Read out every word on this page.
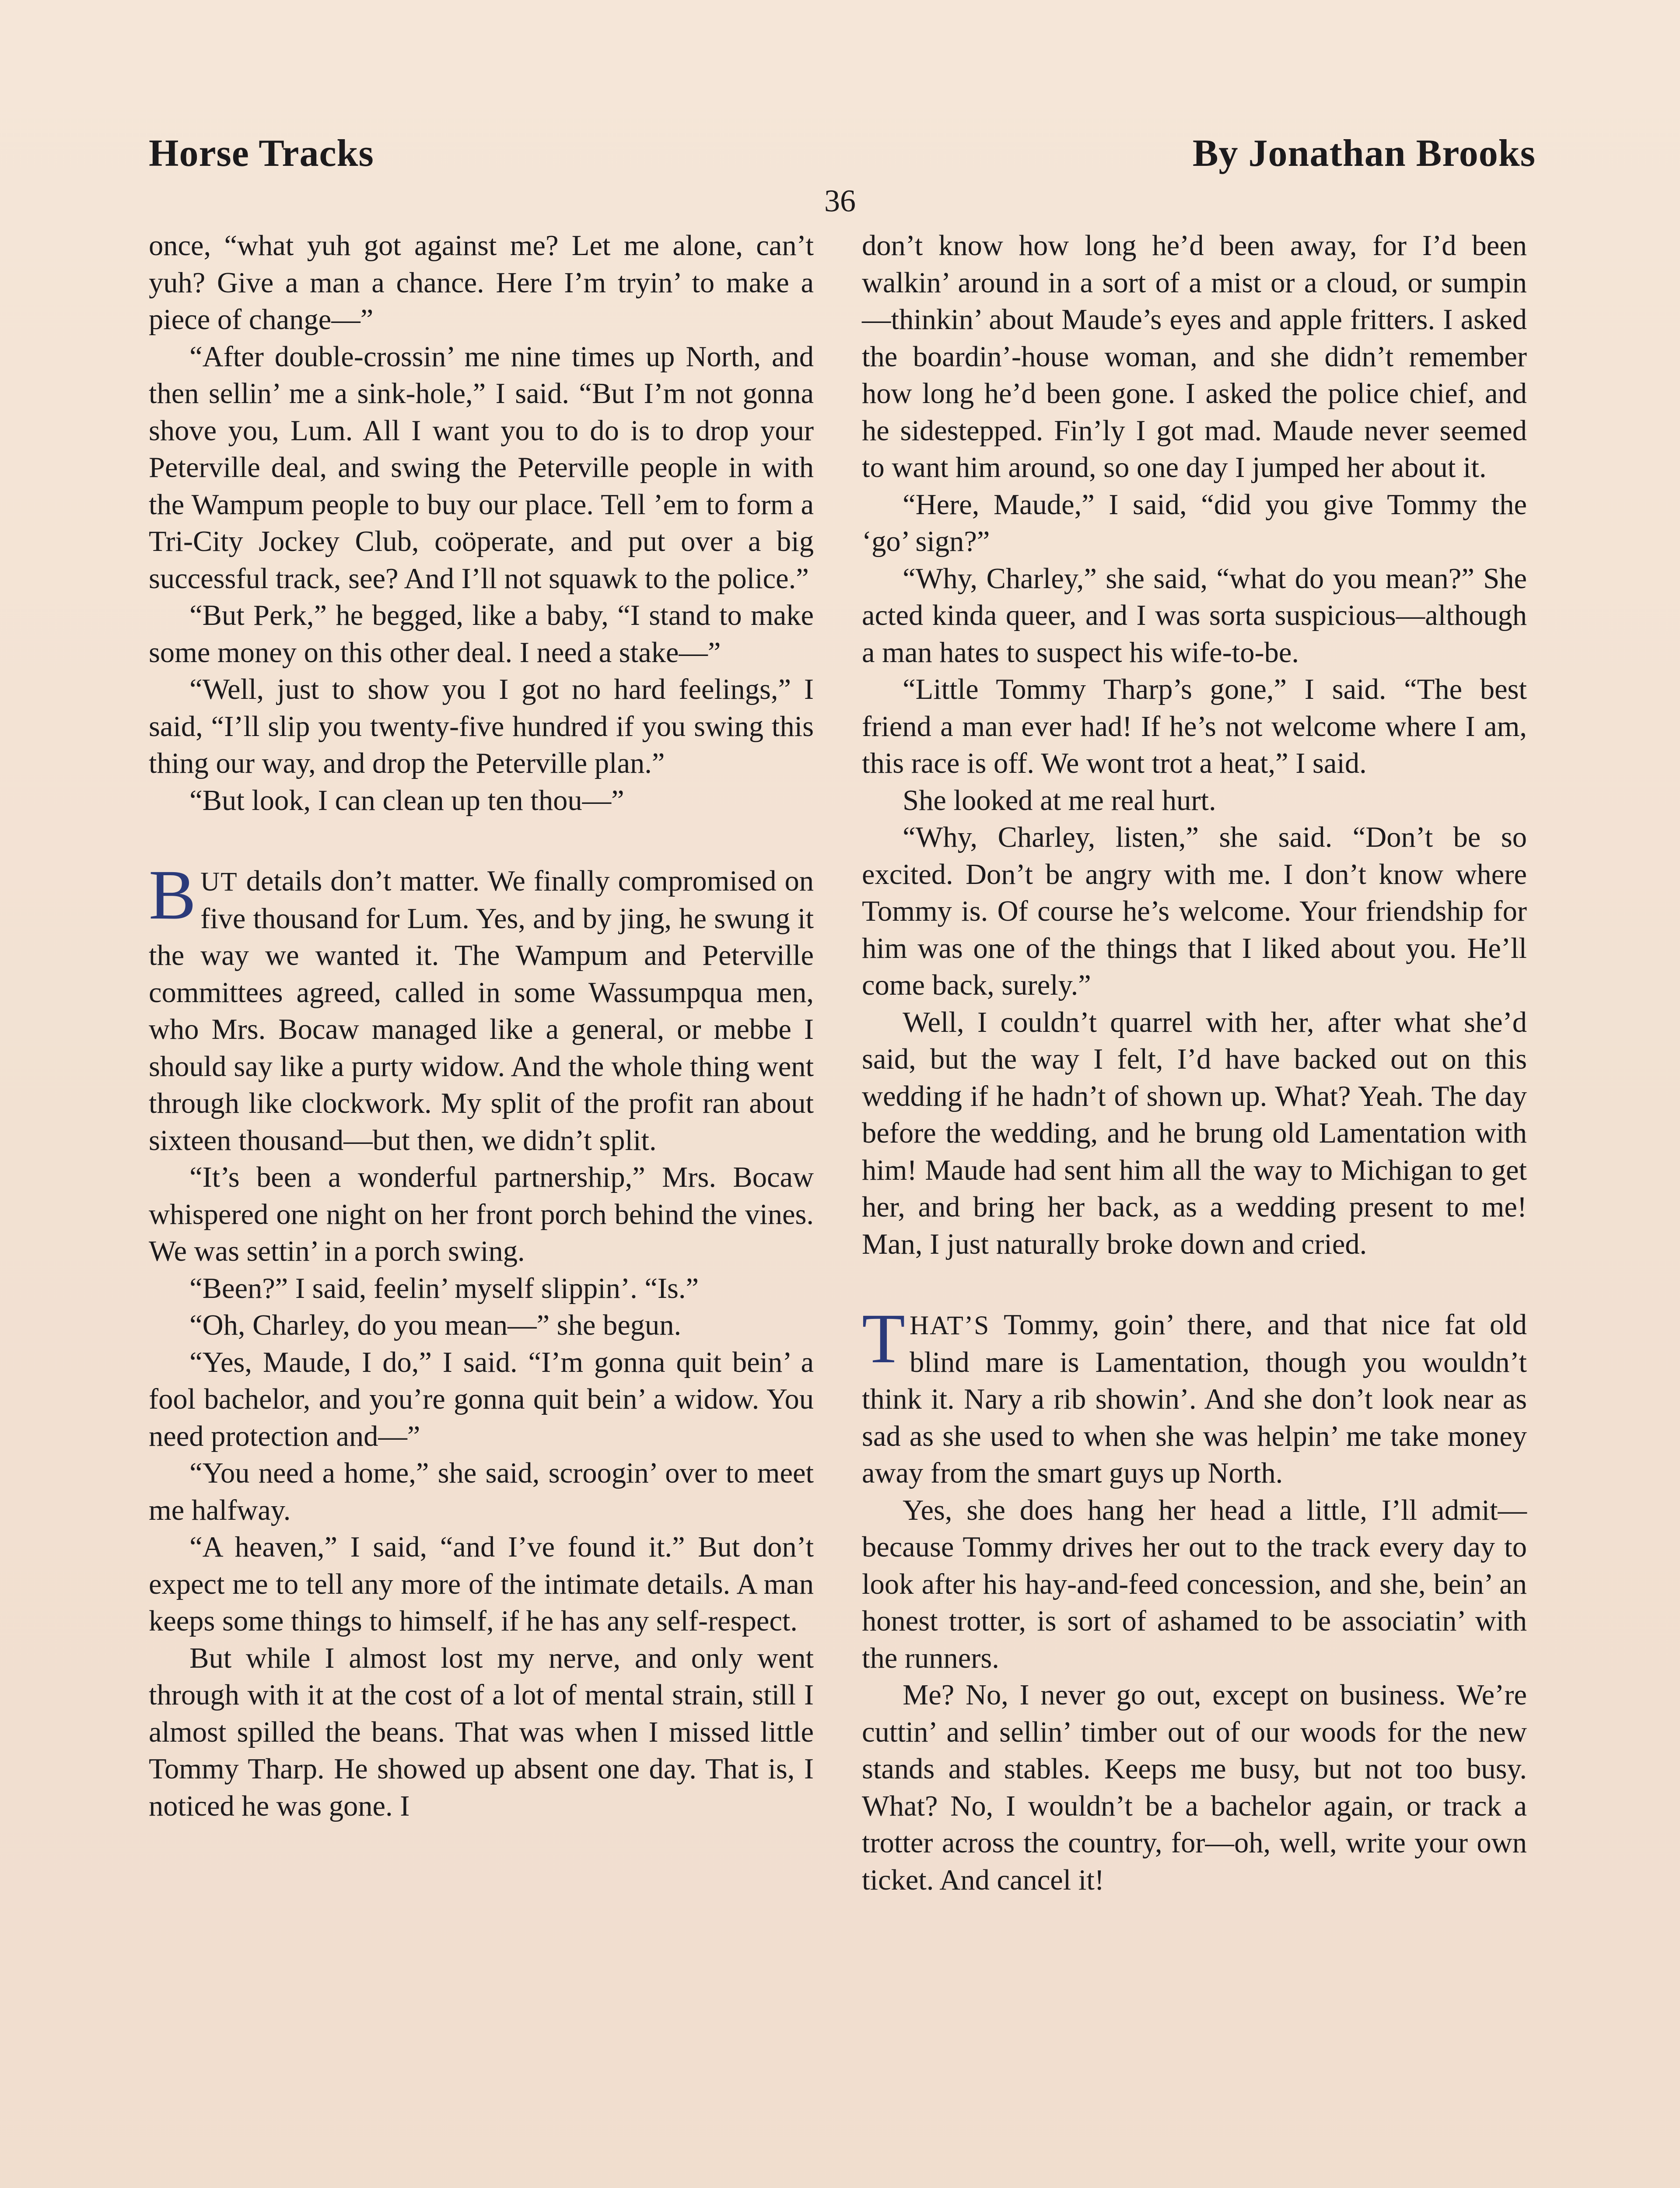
Horse Tracks	By Jonathan Brooks
36

once, “what yuh got against me? Let me alone, can’t yuh? Give a man a chance. Here I’m tryin’ to make a piece of change—”

“After double-crossin’ me nine times up North, and then sellin’ me a sink-hole,” I said. “But I’m not gonna shove you, Lum. All I want you to do is to drop your Peterville deal, and swing the Peterville people in with the Wampum people to buy our place. Tell ’em to form a Tri-City Jockey Club, coöperate, and put over a big successful track, see? And I’ll not squawk to the police.”

“But Perk,” he begged, like a baby, “I stand to make some money on this other deal. I need a stake—”

“Well, just to show you I got no hard feelings,” I said, “I’ll slip you twenty-five hundred if you swing this thing our way, and drop the Peterville plan.”

“But look, I can clean up ten thou—”

BUT details don’t matter. We finally compromised on five thousand for Lum. Yes, and by jing, he swung it the way we wanted it. The Wampum and Peterville committees agreed, called in some Wassumpqua men, who Mrs. Bocaw managed like a general, or mebbe I should say like a purty widow. And the whole thing went through like clockwork. My split of the profit ran about sixteen thousand—but then, we didn’t split.

“It’s been a wonderful partnership,” Mrs. Bocaw whispered one night on her front porch behind the vines. We was settin’ in a porch swing.

“Been?” I said, feelin’ myself slippin’. “Is.”

“Oh, Charley, do you mean—” she begun.

“Yes, Maude, I do,” I said. “I’m gonna quit bein’ a fool bachelor, and you’re gonna quit bein’ a widow. You need protection and—”

“You need a home,” she said, scroogin’ over to meet me halfway.

“A heaven,” I said, “and I’ve found it.” But don’t expect me to tell any more of the intimate details. A man keeps some things to himself, if he has any self-respect.

But while I almost lost my nerve, and only went through with it at the cost of a lot of mental strain, still I almost spilled the beans. That was when I missed little Tommy Tharp. He showed up absent one day. That is, I noticed he was gone. I

don’t know how long he’d been away, for I’d been walkin’ around in a sort of a mist or a cloud, or sumpin—thinkin’ about Maude’s eyes and apple fritters. I asked the boardin’-house woman, and she didn’t remember how long he’d been gone. I asked the police chief, and he sidestepped. Fin’ly I got mad. Maude never seemed to want him around, so one day I jumped her about it.

“Here, Maude,” I said, “did you give Tommy the ‘go’ sign?”

“Why, Charley,” she said, “what do you mean?” She acted kinda queer, and I was sorta suspicious—although a man hates to suspect his wife-to-be.

“Little Tommy Tharp’s gone,” I said. “The best friend a man ever had! If he’s not welcome where I am, this race is off. We wont trot a heat,” I said.

She looked at me real hurt.

“Why, Charley, listen,” she said. “Don’t be so excited. Don’t be angry with me. I don’t know where Tommy is. Of course he’s welcome. Your friendship for him was one of the things that I liked about you. He’ll come back, surely.”

Well, I couldn’t quarrel with her, after what she’d said, but the way I felt, I’d have backed out on this wedding if he hadn’t of shown up. What? Yeah. The day before the wedding, and he brung old Lamentation with him! Maude had sent him all the way to Michigan to get her, and bring her back, as a wedding present to me! Man, I just naturally broke down and cried.

THAT’S Tommy, goin’ there, and that nice fat old blind mare is Lamentation, though you wouldn’t think it. Nary a rib showin’. And she don’t look near as sad as she used to when she was helpin’ me take money away from the smart guys up North.

Yes, she does hang her head a little, I’ll admit—because Tommy drives her out to the track every day to look after his hay-and-feed concession, and she, bein’ an honest trotter, is sort of ashamed to be associatin’ with the runners.

Me? No, I never go out, except on business. We’re cuttin’ and sellin’ timber out of our woods for the new stands and stables. Keeps me busy, but not too busy. What? No, I wouldn’t be a bachelor again, or track a trotter across the country, for—oh, well, write your own ticket. And cancel it!
